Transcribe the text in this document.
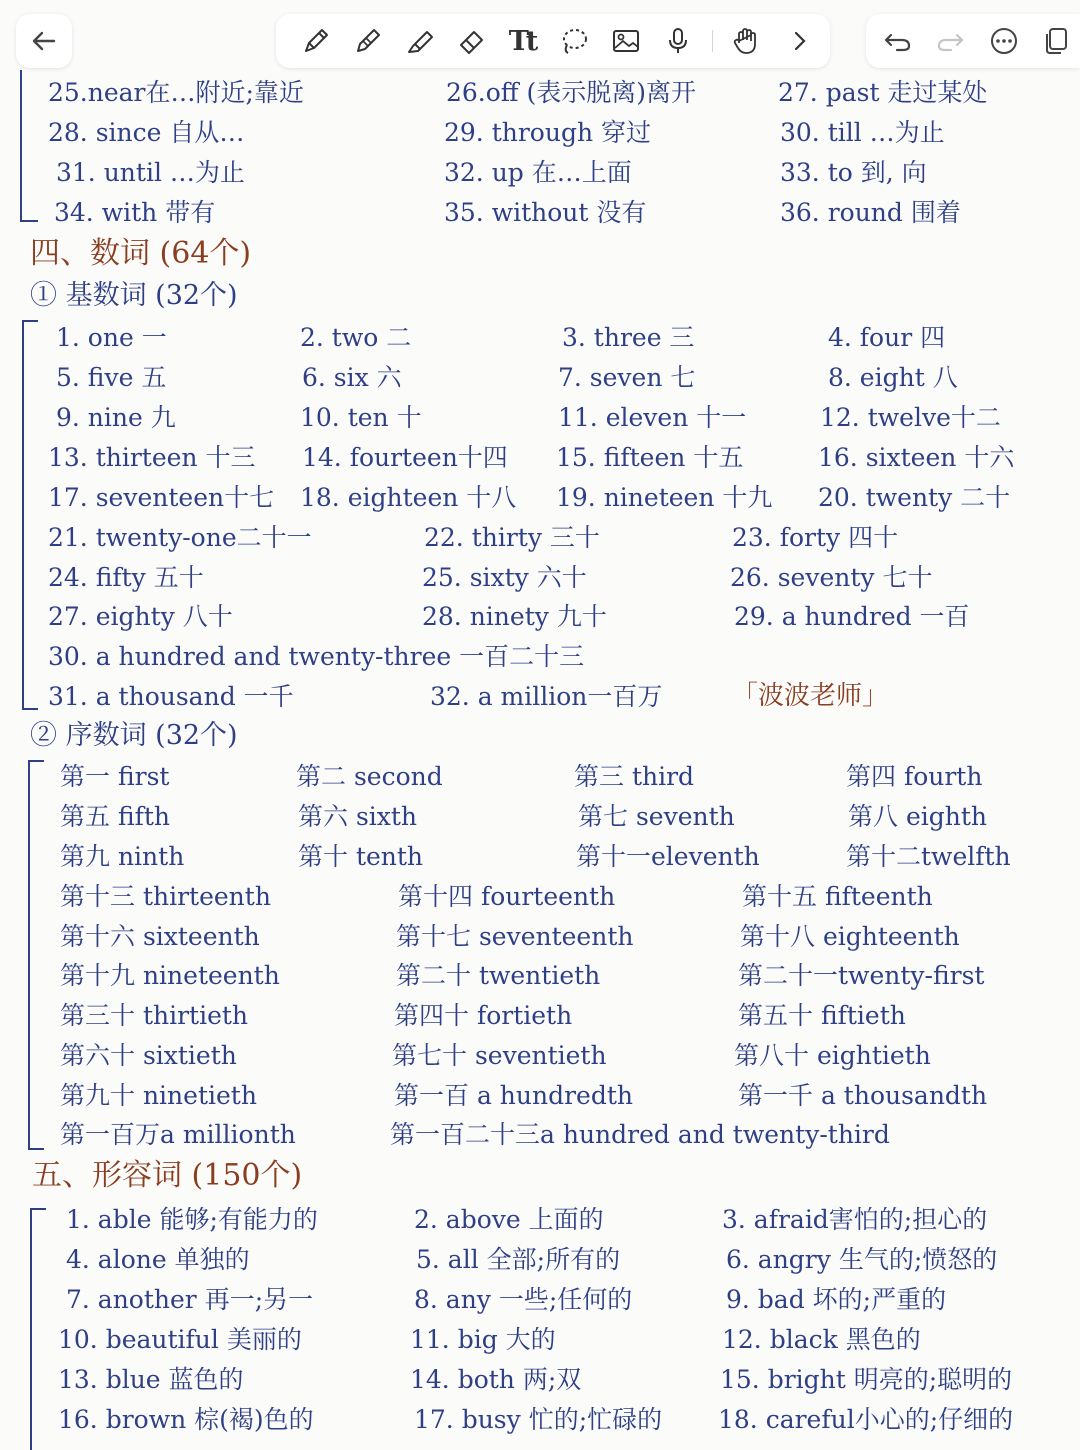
Tt
25.near在…附近;靠近	26.off (表示脱离)离开	27. past 走过某处
28. since 自从…	29. through 穿过	30. till …为止
31. until …为止	32. up 在…上面	33. to 到, 向
34. with 带有	35. without 没有	36. round 围着
四、数词 (64个)
① 基数词 (32个)
1. one 一	2. two 二	3. three 三	4. four 四
5. five 五	6. six 六	7. seven 七	8. eight 八
9. nine 九	10. ten 十	11. eleven 十一	12. twelve十二
13. thirteen 十三 14. fourteen十四 15. fifteen 十五	16. sixteen 十六
17. seventeen十七 18. eighteen 十八 19. nineteen 十九 20. twenty 二十
21. twenty-one二十一	22. thirty 三十	23. forty 四十
24. fifty 五十	25. sixty 六十	26. seventy 七十
27. eighty 八十	28. ninety 九十	29. a hundred 一百
30. a hundred and twenty-three 一百二十三
31. a thousand 一千	32. a million一百万	「波波老师」
② 序数词 (32个)
第一 first	第二 second	第三 third	第四 fourth
第五 fifth	第六 sixth	第七 seventh	第八 eighth
第九 ninth	第十 tenth	第十一eleventh	第十二twelfth
第十三 thirteenth	第十四 fourteenth	第十五 fifteenth
第十六 sixteenth	第十七 seventeenth	第十八 eighteenth
第十九 nineteenth	第二十 twentieth	第二十一twenty-first
第三十 thirtieth	第四十 fortieth	第五十 fiftieth
第六十 sixtieth	第七十 seventieth	第八十 eightieth
第九十 ninetieth	第一百 a hundredth	第一千 a thousandth
第一百万a millionth	第一百二十三a hundred and twenty-third
五、形容词 (150个)
1. able 能够;有能力的	2. above 上面的	3. afraid害怕的;担心的
4. alone 单独的	5. all 全部;所有的	6. angry 生气的;愤怒的
7. another 再一;另一	8. any 一些;任何的	9. bad 坏的;严重的
10. beautiful 美丽的	11. big 大的	12. black 黑色的
13. blue 蓝色的	14. both 两;双	15. bright 明亮的;聪明的
16. brown 棕(褐)色的	17. busy 忙的;忙碌的 18. careful小心的;仔细的
